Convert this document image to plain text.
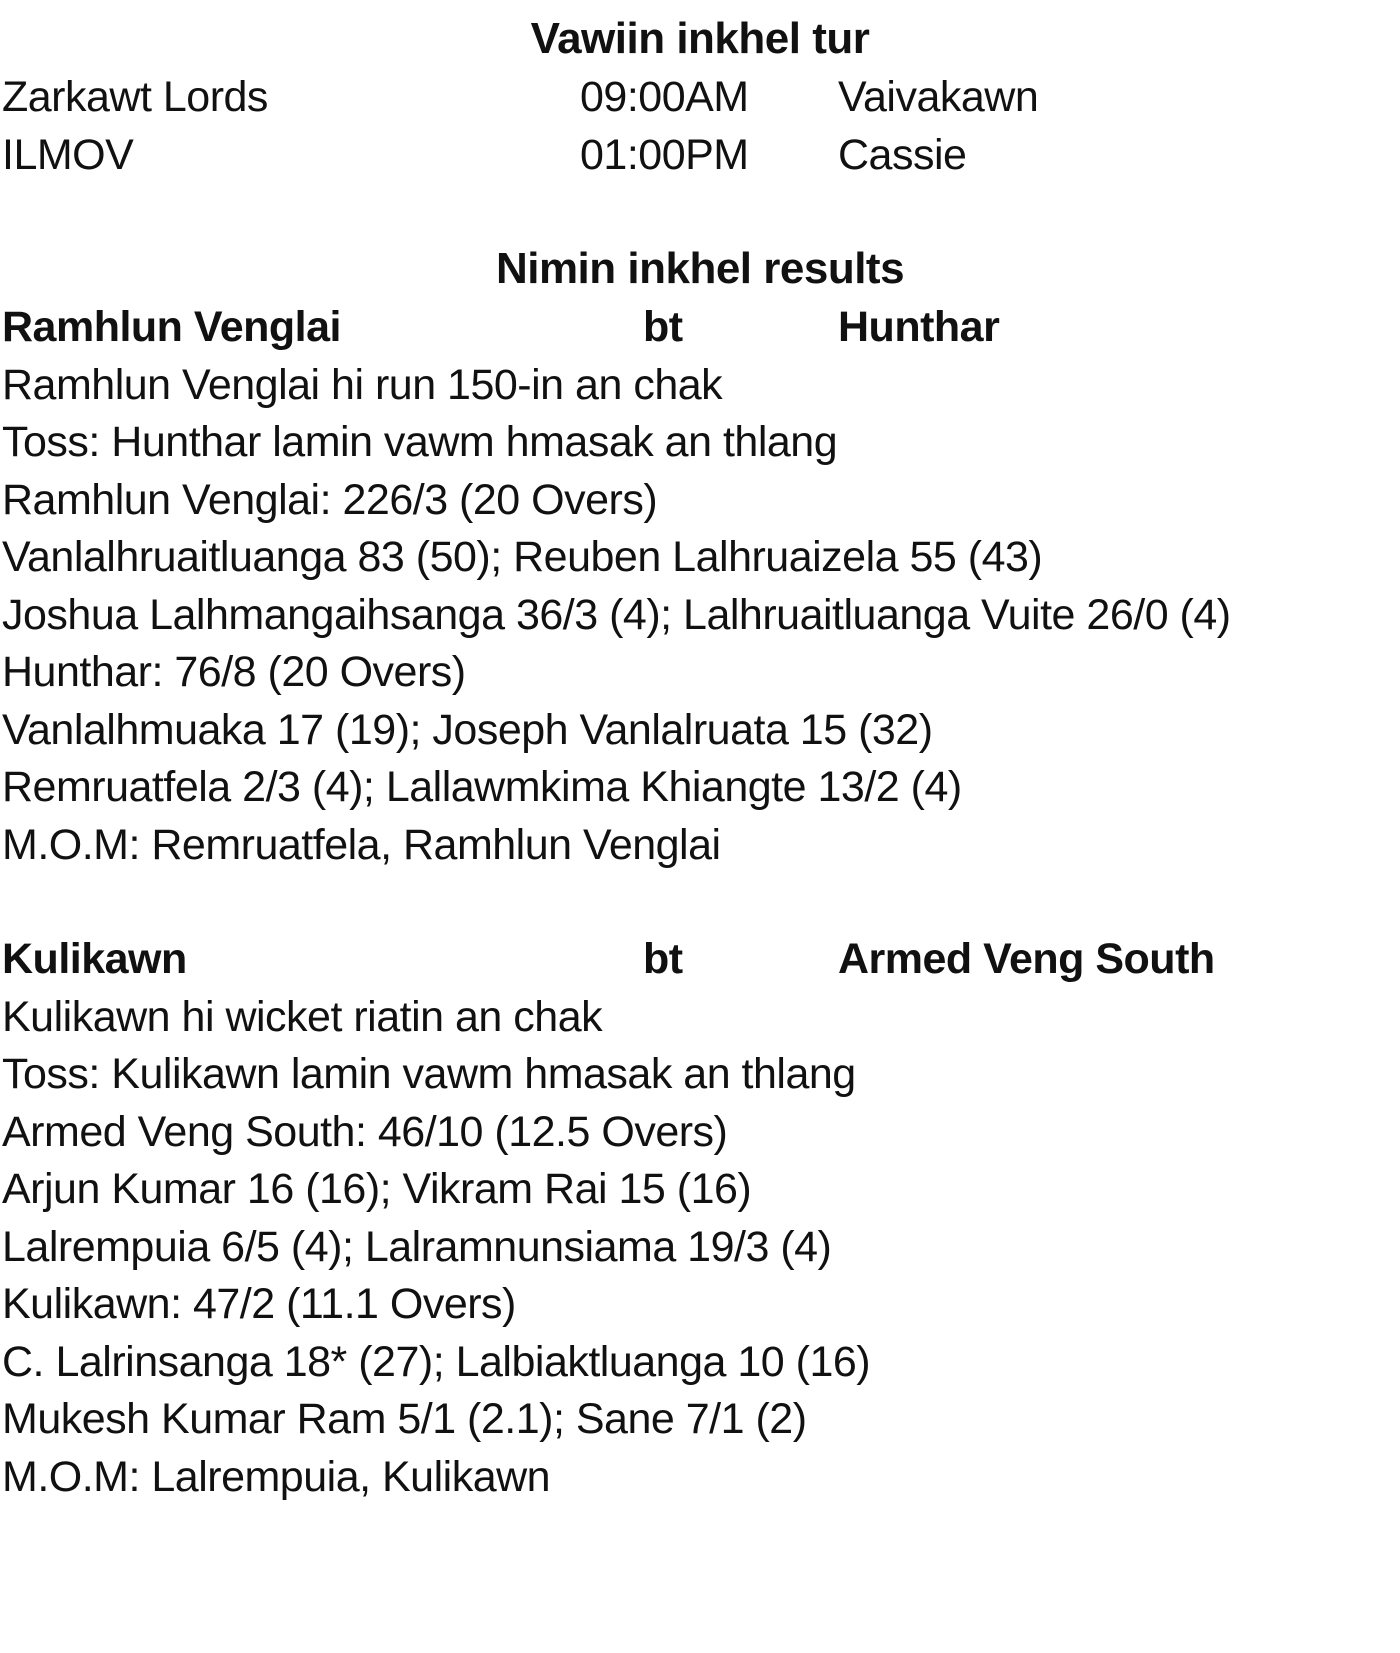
Vawiin inkhel tur
Zarkawt Lords	09:00AM Vaivakawn
ILMOV	01:00PM Cassie
Nimin inkhel results
Ramhlun Venglai	bt	Hunthar
Ramhlun Venglai hi run 150-in an chak
Toss: Hunthar lamin vawm hmasak an thlang
Ramhlun Venglai: 226/3 (20 Overs)
Vanlalhruaitluanga 83 (50); Reuben Lalhruaizela 55 (43)
Joshua Lalhmangaihsanga 36/3 (4); Lalhruaitluanga Vuite 26/0 (4)
Hunthar: 76/8 (20 Overs)
Vanlalhmuaka 17 (19); Joseph Vanlalruata 15 (32)
Remruatfela 2/3 (4); Lallawmkima Khiangte 13/2 (4)
M.O.M: Remruatfela, Ramhlun Venglai
Kulikawn	bt	Armed Veng South
Kulikawn hi wicket riatin an chak
Toss: Kulikawn lamin vawm hmasak an thlang
Armed Veng South: 46/10 (12.5 Overs)
Arjun Kumar 16 (16); Vikram Rai 15 (16)
Lalrempuia 6/5 (4); Lalramnunsiama 19/3 (4)
Kulikawn: 47/2 (11.1 Overs)
C. Lalrinsanga 18* (27); Lalbiaktluanga 10 (16)
Mukesh Kumar Ram 5/1 (2.1); Sane 7/1 (2)
M.O.M: Lalrempuia, Kulikawn
